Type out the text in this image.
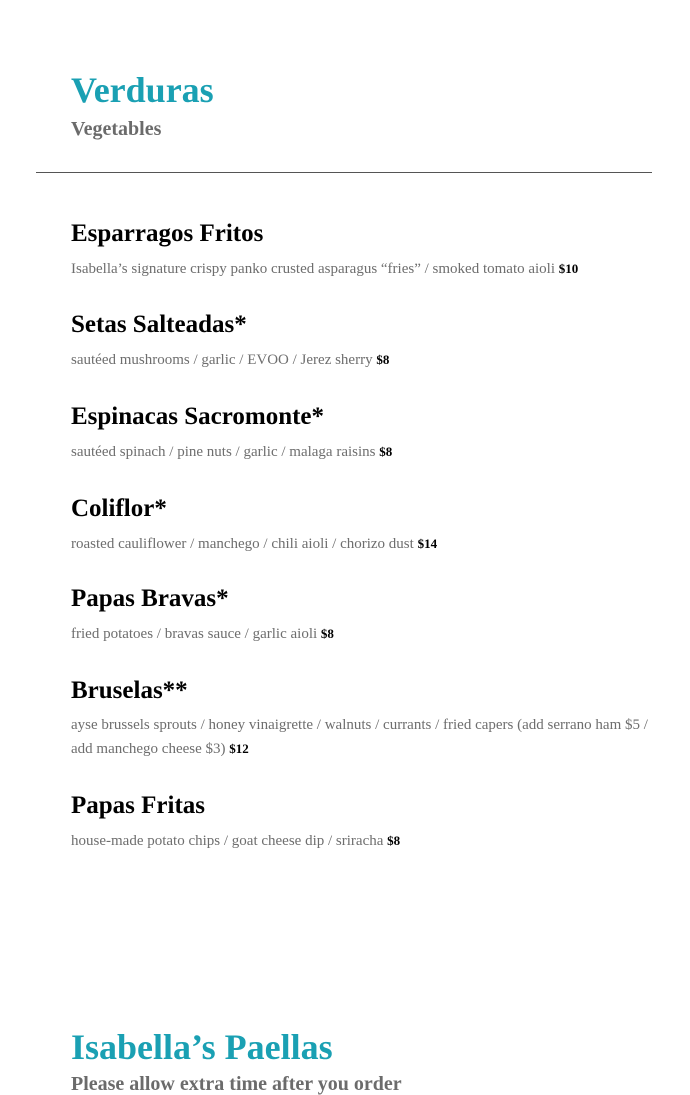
Verduras
Vegetables
Esparragos Fritos

Isabella’s signature crispy panko crusted asparagus “fries” / smoked tomato aioli $10

Setas Salteadas*

sautéed mushrooms / garlic / EVOO / Jerez sherry $8

Espinacas Sacromonte*

sautéed spinach / pine nuts / garlic / malaga raisins $8

Coliflor*

roasted cauliflower / manchego / chili aioli / chorizo dust $14

Papas Bravas*

fried potatoes / bravas sauce / garlic aioli $8

Bruselas**

ayse brussels sprouts / honey vinaigrette / walnuts / currants / fried capers (add serrano ham $5 / add manchego cheese $3) $12

Papas Fritas

house-made potato chips / goat cheese dip / sriracha $8

Isabella’s Paellas
Please allow extra time after you order
